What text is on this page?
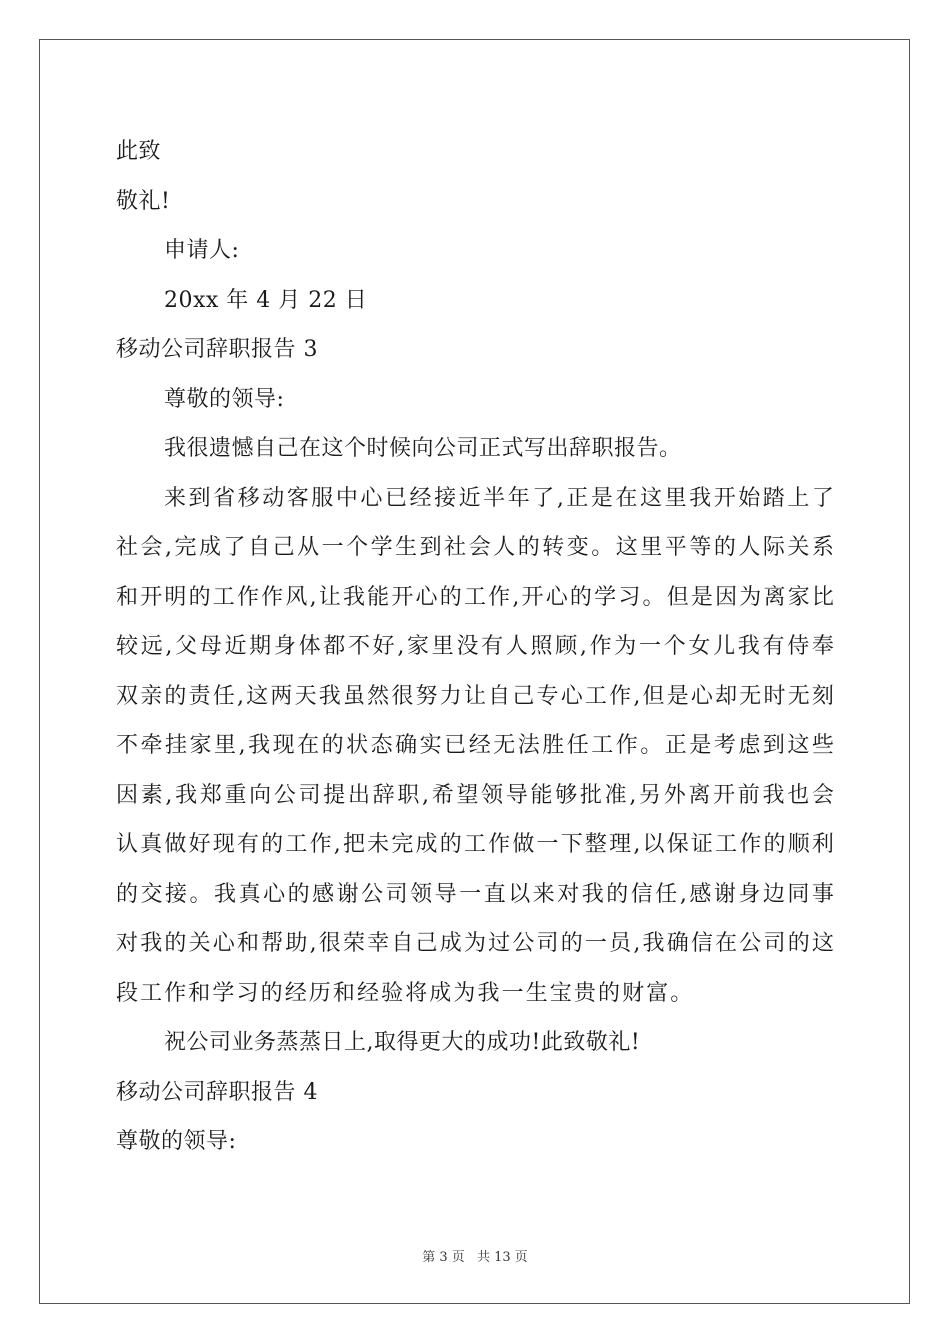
此致
敬礼!
申请人:
20xx 年 4 月 22 日
移动公司辞职报告 3
尊敬的领导:
我很遗憾自己在这个时候向公司正式写出辞职报告。
来到省移动客服中心已经接近半年了,正是在这里我开始踏上了社会,完成了自己从一个学生到社会人的转变。这里平等的人际关系和开明的工作作风,让我能开心的工作,开心的学习。但是因为离家比较远,父母近期身体都不好,家里没有人照顾,作为一个女儿我有侍奉双亲的责任,这两天我虽然很努力让自己专心工作,但是心却无时无刻不牵挂家里,我现在的状态确实已经无法胜任工作。正是考虑到这些因素,我郑重向公司提出辞职,希望领导能够批准,另外离开前我也会认真做好现有的工作,把未完成的工作做一下整理,以保证工作的顺利的交接。我真心的感谢公司领导一直以来对我的信任,感谢身边同事对我的关心和帮助,很荣幸自己成为过公司的一员,我确信在公司的这段工作和学习的经历和经验将成为我一生宝贵的财富。
祝公司业务蒸蒸日上,取得更大的成功!此致敬礼!
移动公司辞职报告 4
尊敬的领导:
第 3 页 共 13 页
